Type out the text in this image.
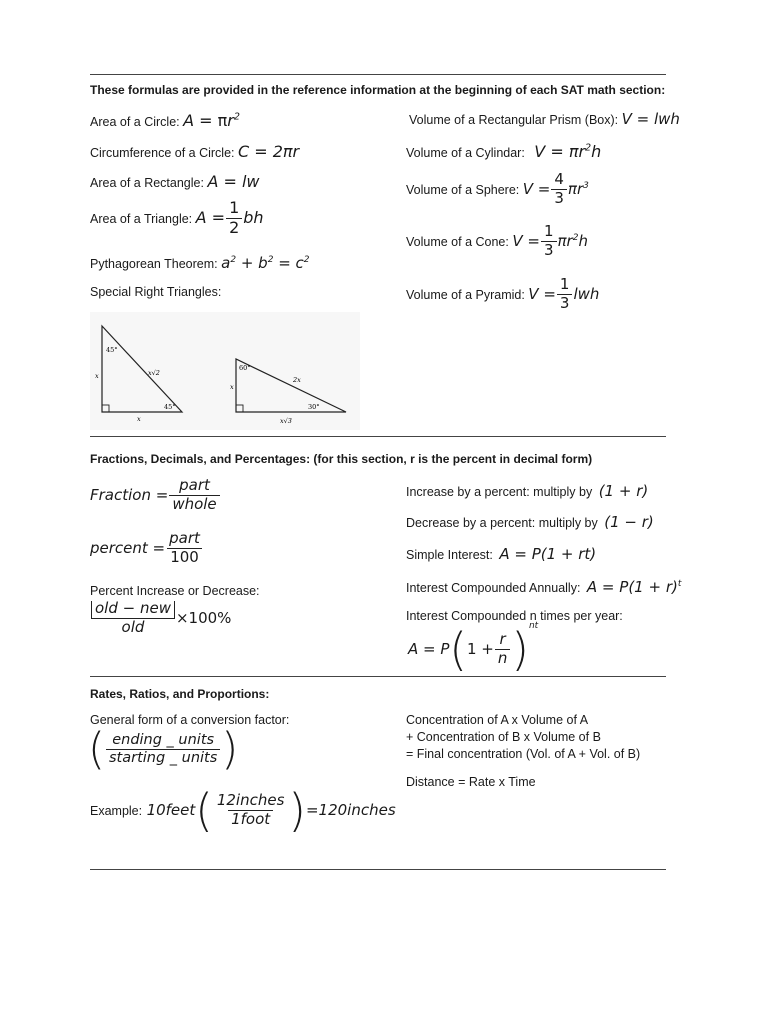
These formulas are provided in the reference information at the beginning of each SAT math section:
Area of a Circle: $A = \pi r^2$
Circumference of a Circle: C = 2πr
Area of a Rectangle: A = lw
Area of a Triangle: $A = \frac{1}{2}$ bh
Pythagorean Theorem: $a^2 + b^2 = c^2$
Special Right Triangles:
45°
45°
x
x
x√2
60°
30°
x
x√3
2x
Volume of a Rectangular Prism (Box): V = lwh
Volume of a Cylindar: $V = \pi r^2h$
Volume of a Sphere: $V = \frac{4}{3} \pi r^3$
Volume of a Cone: $V = \frac{1}{3} \pi r^2h$
Volume of a Pyramid: $V = \frac{1}{3}$ lwh
Fractions, Decimals, and Percentages: (for this section, r is the percent in decimal form)
Fraction = $\frac{\text{part}}{\text{whole}}$
percent = $\frac{\text{part}}{100}$
Percent Increase or Decrease:
$\frac{\text{old − new}}{\text{old}} \times 100\%$
Increase by a percent: multiply by (1 + r)
Decrease by a percent: multiply by (1 − r)
Simple Interest: A = P(1 + rt)
Interest Compounded Annually: $A = P(1 + r)^t$
Interest Compounded n times per year:
$A = P(1 + \frac{r}{n} )^{nt}$
Rates, Ratios, and Proportions:
General form of a conversion factor:
( $\frac{\text{ending \_ units}}{\text{starting \_ units}}$ )
Example: 10feet( $\frac{\text{12inches}}{\text{1foot}}$ )=120inches
Concentration of A x Volume of A
+ Concentration of B x Volume of B
= Final concentration (Vol. of A + Vol. of B)
Distance = Rate x Time
